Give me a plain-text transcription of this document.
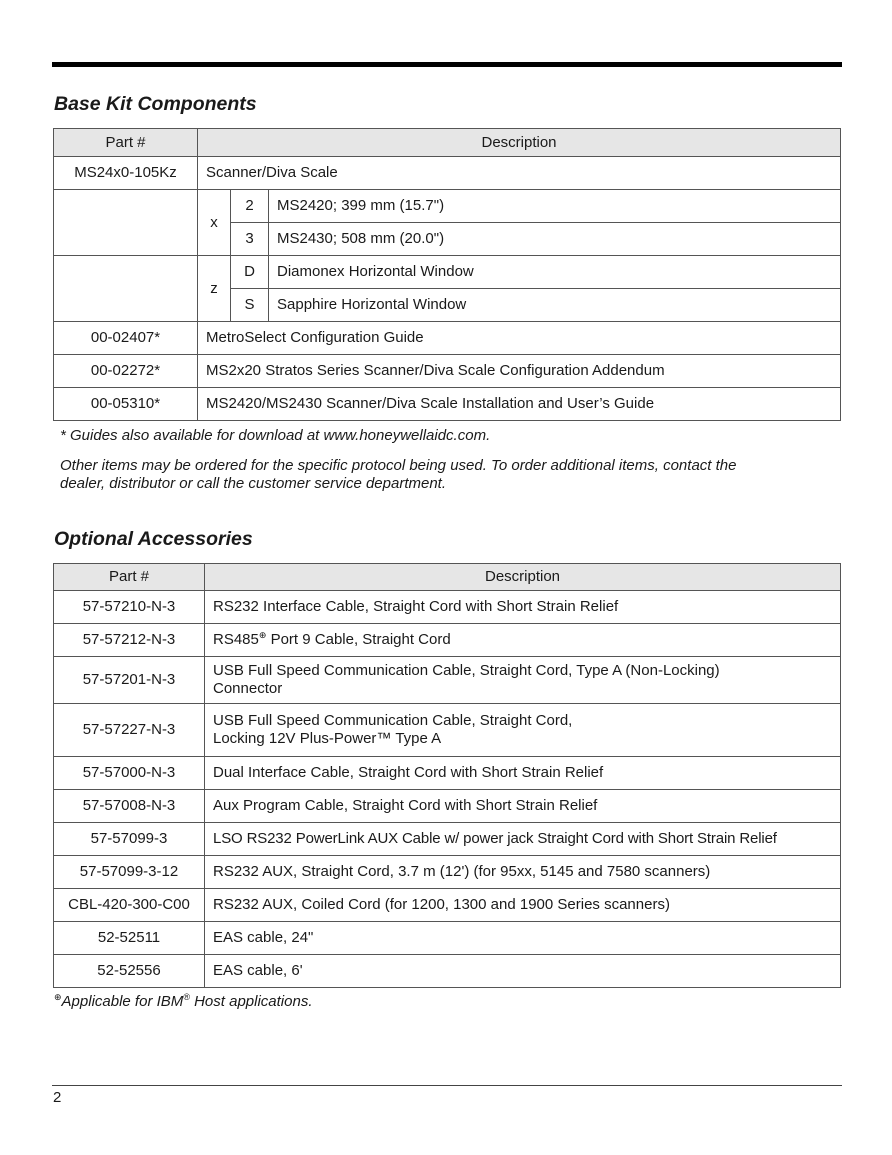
Base Kit Components
Part #	Description		
MS24x0-105Kz	Scanner/Diva Scale		
	x	2	MS2420; 399 mm (15.7")
		3	MS2430; 508 mm (20.0")
	z	D	Diamonex Horizontal Window
		S	Sapphire Horizontal Window
00-02407*	MetroSelect Configuration Guide		
00-02272*	MS2x20 Stratos Series Scanner/Diva Scale Configuration Addendum		
00-05310*	MS2420/MS2430 Scanner/Diva Scale Installation and User’s Guide		

* Guides also available for download at www.honeywellaidc.com.

Other items may be ordered for the specific protocol being used. To order additional items, contact the

dealer, distributor or call the customer service department.

Optional Accessories
Part #	Description
57-57210-N-3	RS232 Interface Cable, Straight Cord with Short Strain Relief
57-57212-N-3	RS485⊕ Port 9 Cable, Straight Cord
57-57201-N-3	USB Full Speed Communication Cable, Straight Cord, Type A (Non-Locking)
Connector

57-57227-N-3	USB Full Speed Communication Cable, Straight Cord,
Locking 12V Plus-Power™ Type A

57-57000-N-3	Dual Interface Cable, Straight Cord with Short Strain Relief
57-57008-N-3	Aux Program Cable, Straight Cord with Short Strain Relief
57-57099-3	LSO RS232 PowerLink AUX Cable w/ power jack Straight Cord with Short Strain Relief
57-57099-3-12	RS232 AUX, Straight Cord, 3.7 m (12') (for 95xx, 5145 and 7580 scanners)
CBL-420-300-C00	RS232 AUX, Coiled Cord (for 1200, 1300 and 1900 Series scanners)
52-52511	EAS cable, 24"
52-52556	EAS cable, 6'

⊕Applicable for IBM® Host applications.

2
